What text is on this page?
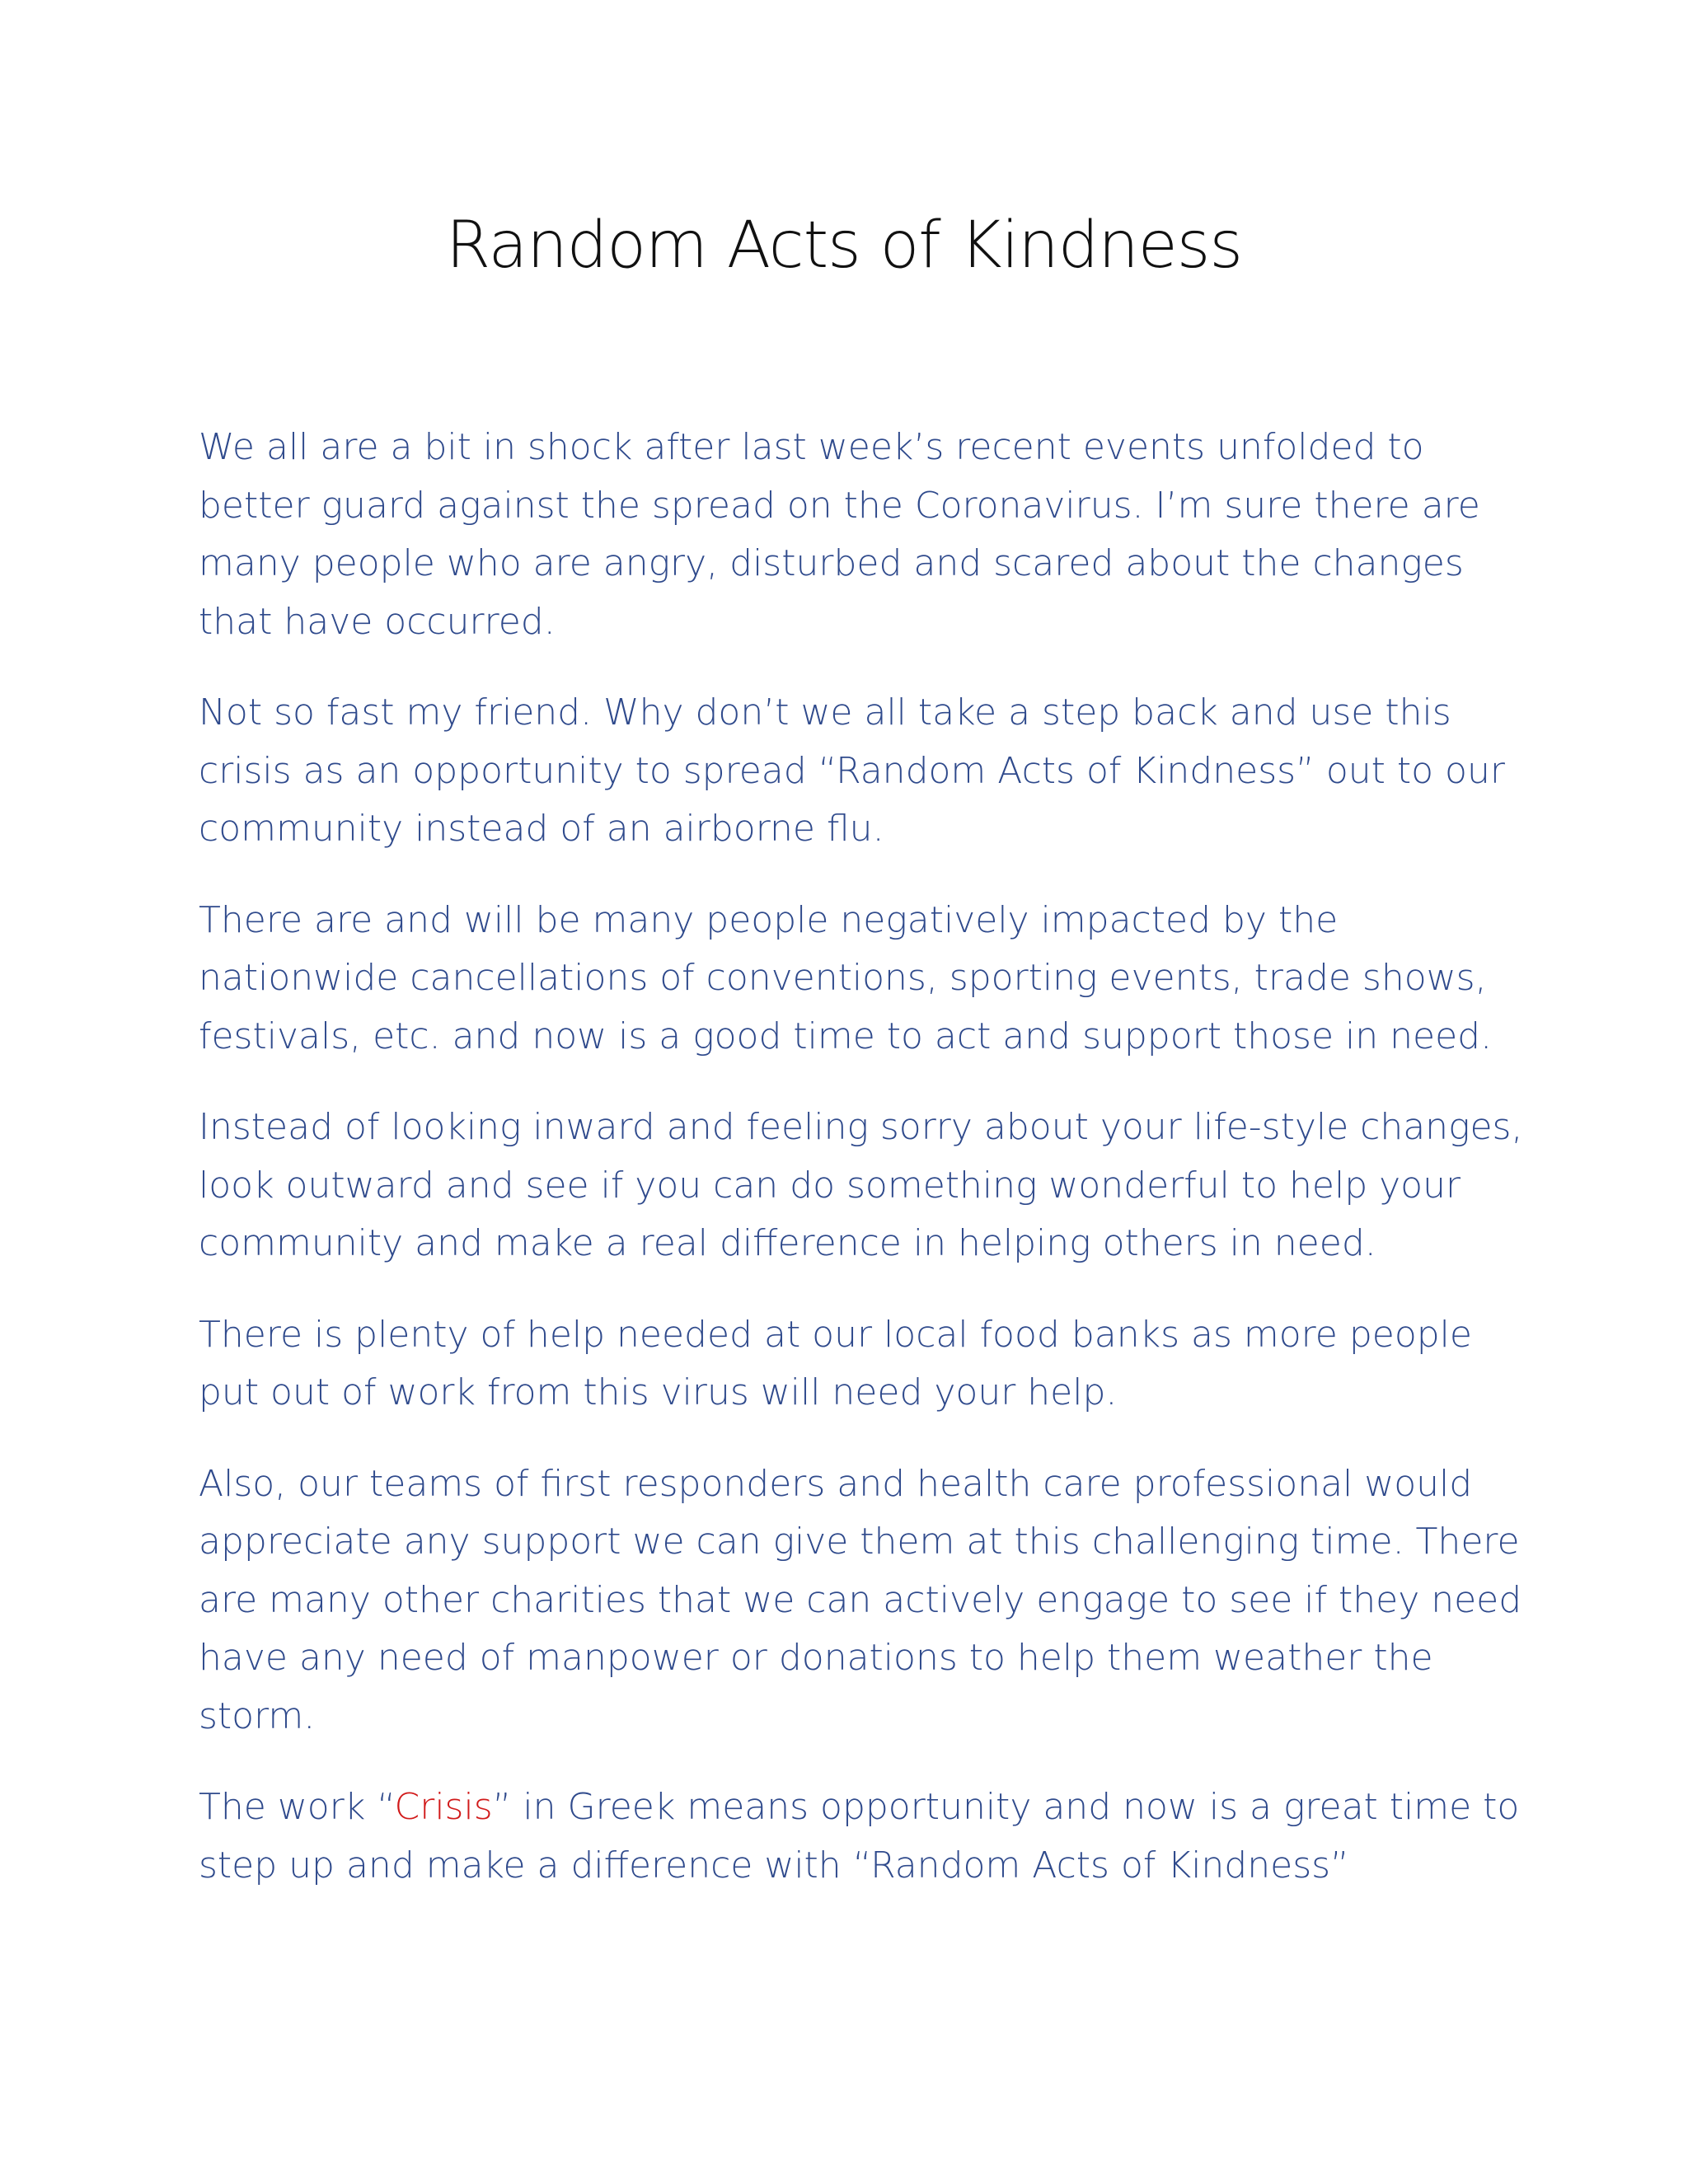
Random Acts of Kindness

We all are a bit in shock after last week’s recent events unfolded to
better guard against the spread on the Coronavirus. I’m sure there are
many people who are angry, disturbed and scared about the changes
that have occurred.

Not so fast my friend. Why don’t we all take a step back and use this
crisis as an opportunity to spread “Random Acts of Kindness” out to our
community instead of an airborne flu.

There are and will be many people negatively impacted by the
nationwide cancellations of conventions, sporting events, trade shows,
festivals, etc. and now is a good time to act and support those in need.

Instead of looking inward and feeling sorry about your life-style changes,
look outward and see if you can do something wonderful to help your
community and make a real difference in helping others in need.

There is plenty of help needed at our local food banks as more people
put out of work from this virus will need your help.

Also, our teams of first responders and health care professional would
appreciate any support we can give them at this challenging time. There
are many other charities that we can actively engage to see if they need
have any need of manpower or donations to help them weather the
storm.

The work “Crisis” in Greek means opportunity and now is a great time to
step up and make a difference with “Random Acts of Kindness”
